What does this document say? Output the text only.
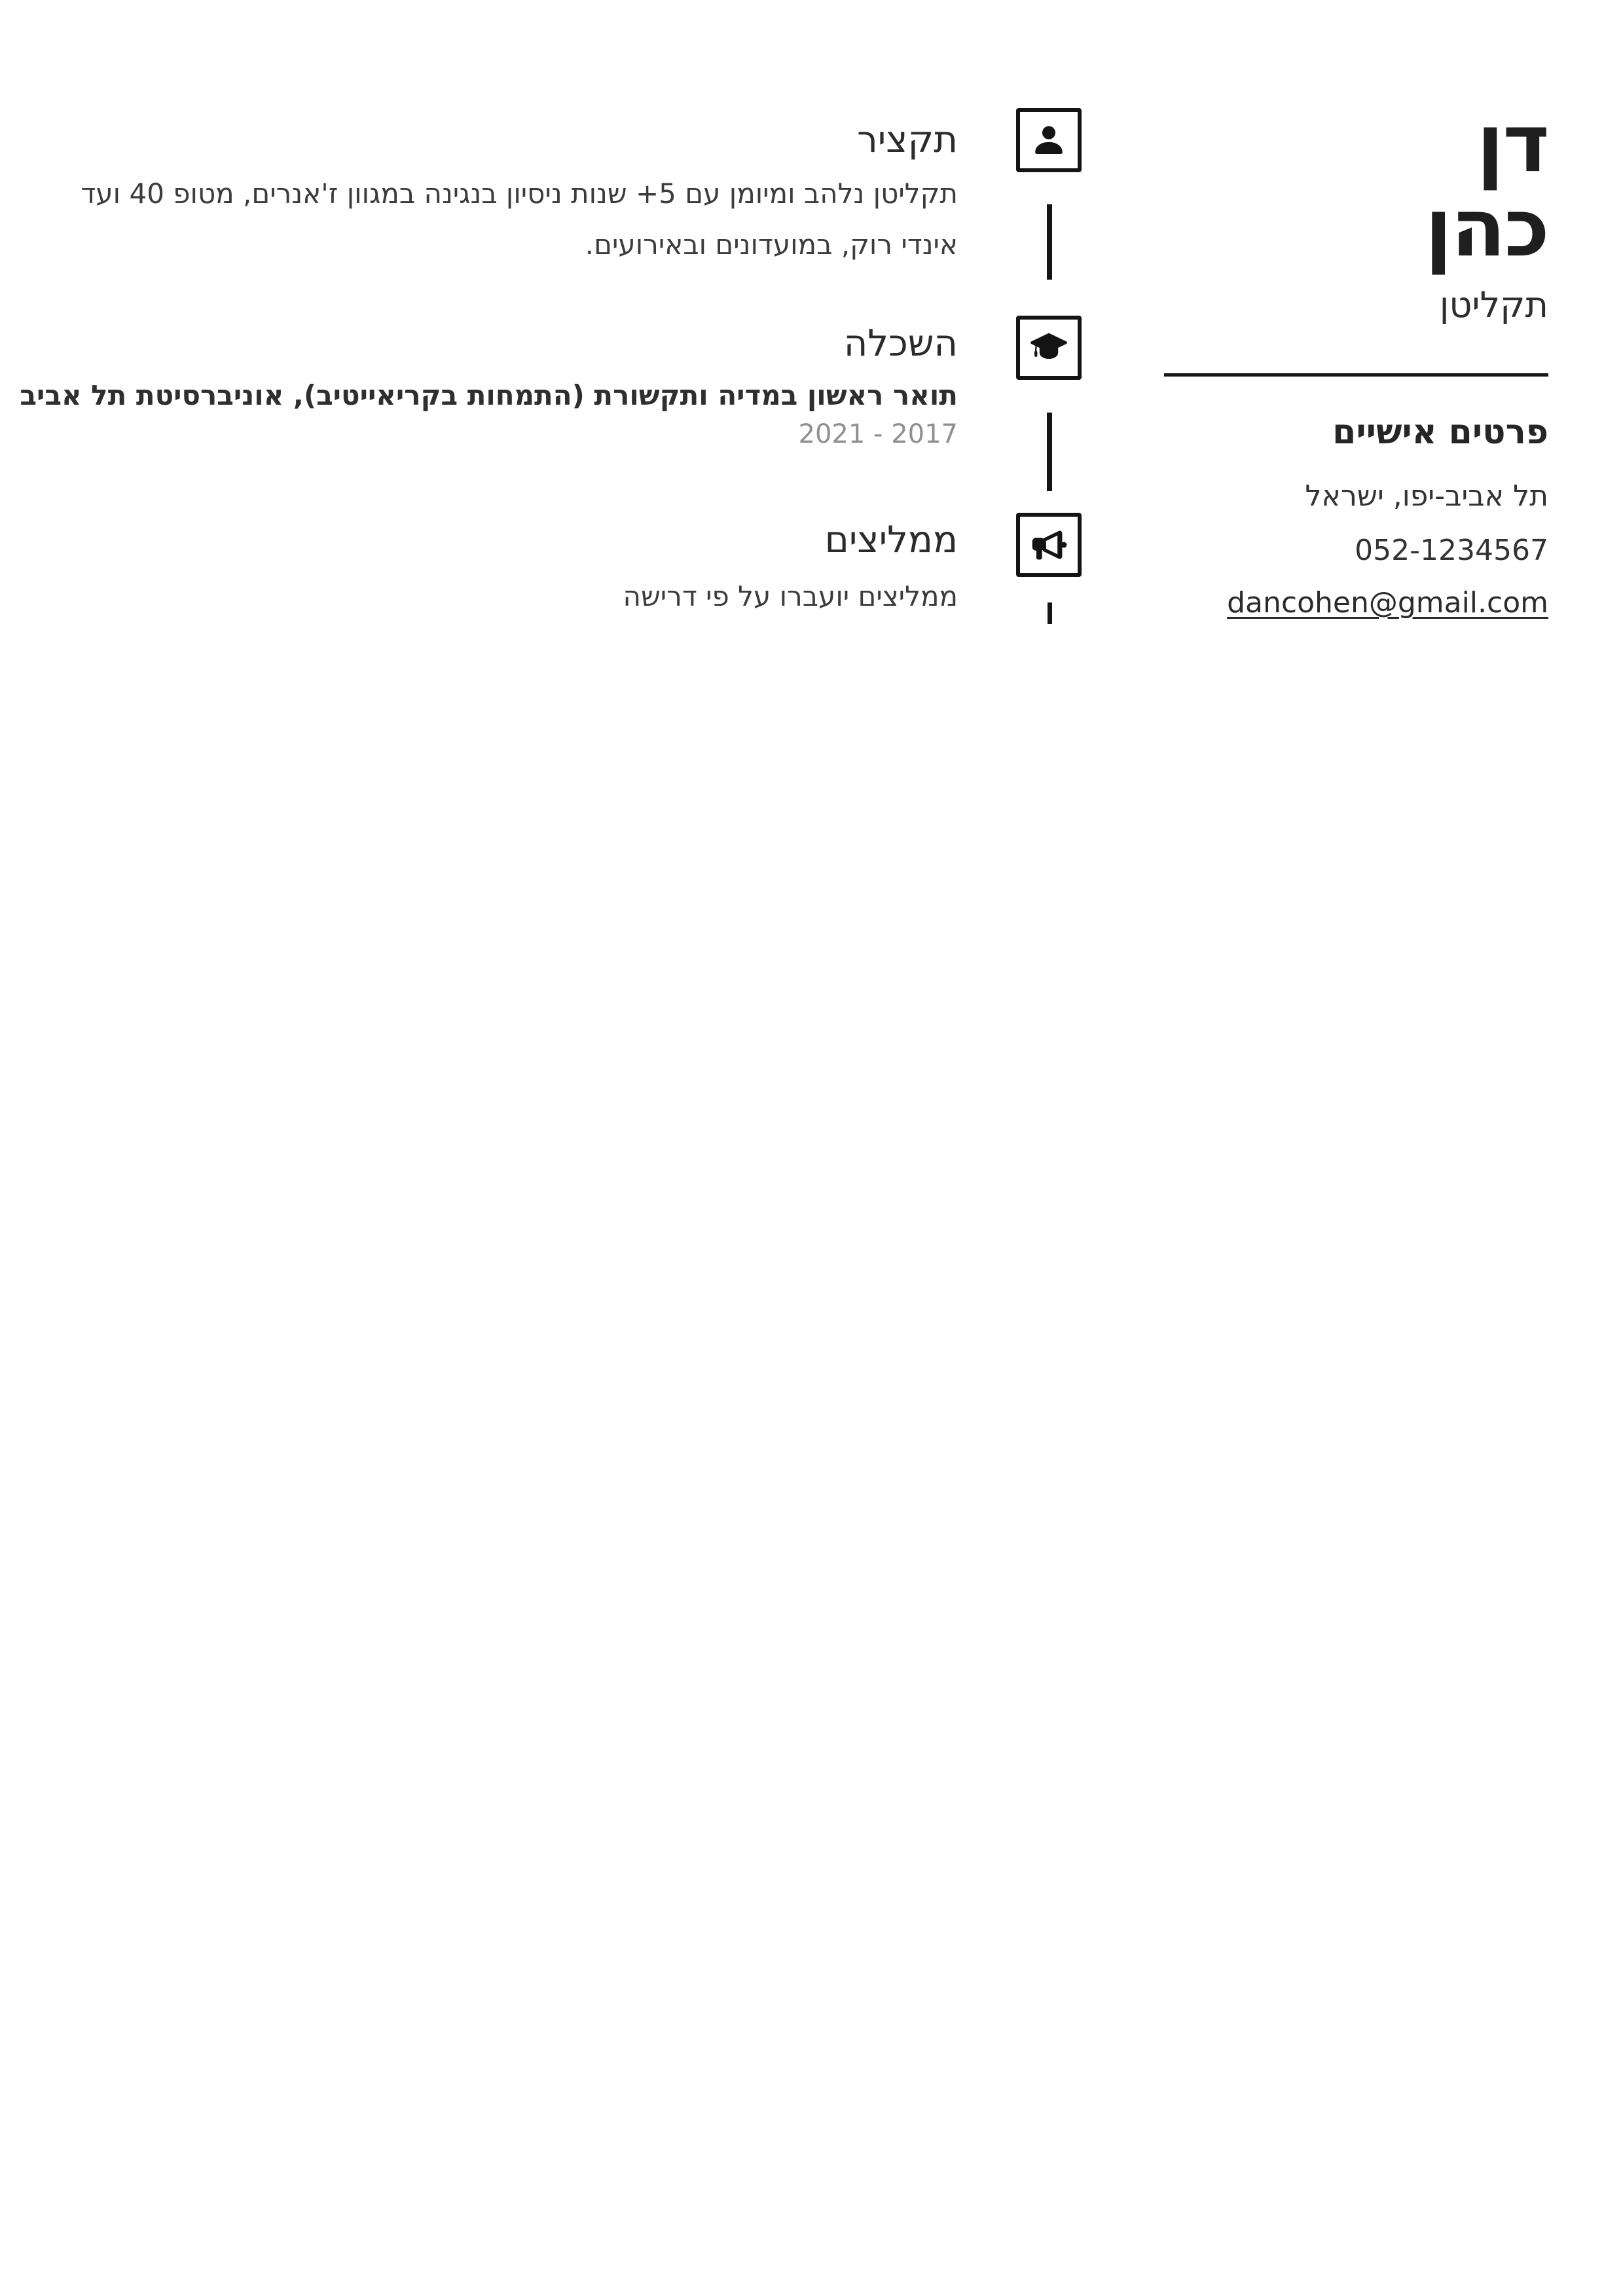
דן
כהן
תקליטן
פרטים אישיים
תל אביב-יפו, ישראל
052-1234567
dancohen@gmail.com
תקציר
תקליטן נלהב ומיומן עם 5+ שנות ניסיון בנגינה במגוון ז'אנרים, מטופ 40 ועד אינדי רוק, במועדונים ובאירועים.
השכלה
תואר ראשון במדיה ותקשורת (התמחות בקריאייטיב), אוניברסיטת תל אביב
2017 - 2021
ממליצים
ממליצים יועברו על פי דרישה
